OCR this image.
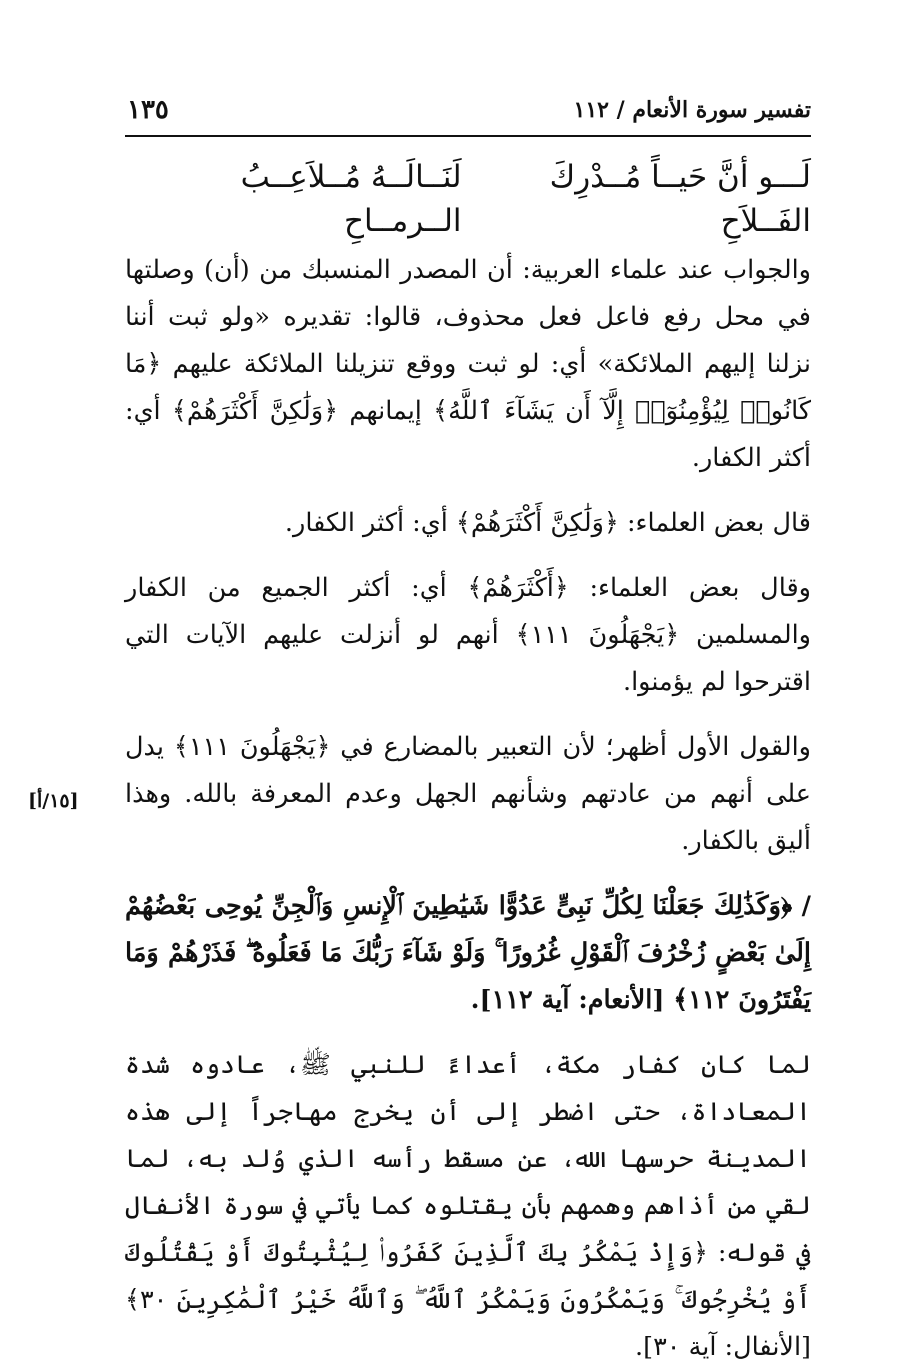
تفسير سورة الأنعام / ١١٢
١٣٥
لَـــو أنَّ حَيــاً مُــدْرِكَ الفَــلاَحِ
لَنَــالَــهُ مُــلاَعِــبُ الــرمــاحِ

والجواب عند علماء العربية: أن المصدر المنسبك من (أن) وصلتها في محل رفع فاعل فعل محذوف، قالوا: تقديره «ولو ثبت أننا نزلنا إليهم الملائكة» أي: لو ثبت ووقع تنزيلنا الملائكة عليهم ﴿مَا كَانُوا۟ لِيُؤْمِنُوٓا۟ إِلَّآ أَن يَشَآءَ ٱللَّهُ﴾ إيمانهم ﴿وَلَٰكِنَّ أَكْثَرَهُمْ﴾ أي: أكثر الكفار.

قال بعض العلماء: ﴿وَلَٰكِنَّ أَكْثَرَهُمْ﴾ أي: أكثر الكفار.

وقال بعض العلماء: ﴿أَكْثَرَهُمْ﴾ أي: أكثر الجميع من الكفار والمسلمين ﴿يَجْهَلُونَ ١١١﴾ أنهم لو أنزلت عليهم الآيات التي اقترحوا لم يؤمنوا.

والقول الأول أظهر؛ لأن التعبير بالمضارع في ﴿يَجْهَلُونَ ١١١﴾ يدل على أنهم من عادتهم وشأنهم الجهل وعدم المعرفة بالله. وهذا أليق بالكفار.

/ ﴿وَكَذَٰلِكَ جَعَلْنَا لِكُلِّ نَبِىٍّ عَدُوًّا شَيَٰطِينَ ٱلْإِنسِ وَٱلْجِنِّ يُوحِى بَعْضُهُمْ إِلَىٰ بَعْضٍ زُخْرُفَ ٱلْقَوْلِ غُرُورًا ۚ وَلَوْ شَآءَ رَبُّكَ مَا فَعَلُوهُ ۖ فَذَرْهُمْ وَمَا يَفْتَرُونَ ١١٢﴾ [الأنعام: آية ١١٢].

لما كان كفار مكة، أعداءً للنبي ﷺ، عادوه شدة المعاداة، حتى اضطر إلى أن يخرج مهاجراً إلى هذه المدينة حرسها الله، عن مسقط رأسه الذي وُلد به، لما لقي من أذاهم وهمهم بأن يقتلوه كما يأتي في سورة الأنفال في قوله: ﴿وَإِذْ يَمْكُرُ بِكَ ٱلَّذِينَ كَفَرُوا۟ لِيُثْبِتُوكَ أَوْ يَقْتُلُوكَ أَوْ يُخْرِجُوكَ ۚ وَيَمْكُرُونَ وَيَمْكُرُ ٱللَّهُ ۖ وَٱللَّهُ خَيْرُ ٱلْمَٰكِرِينَ ٣٠﴾ [الأنفال: آية ٣٠].

[١٥/أ]
